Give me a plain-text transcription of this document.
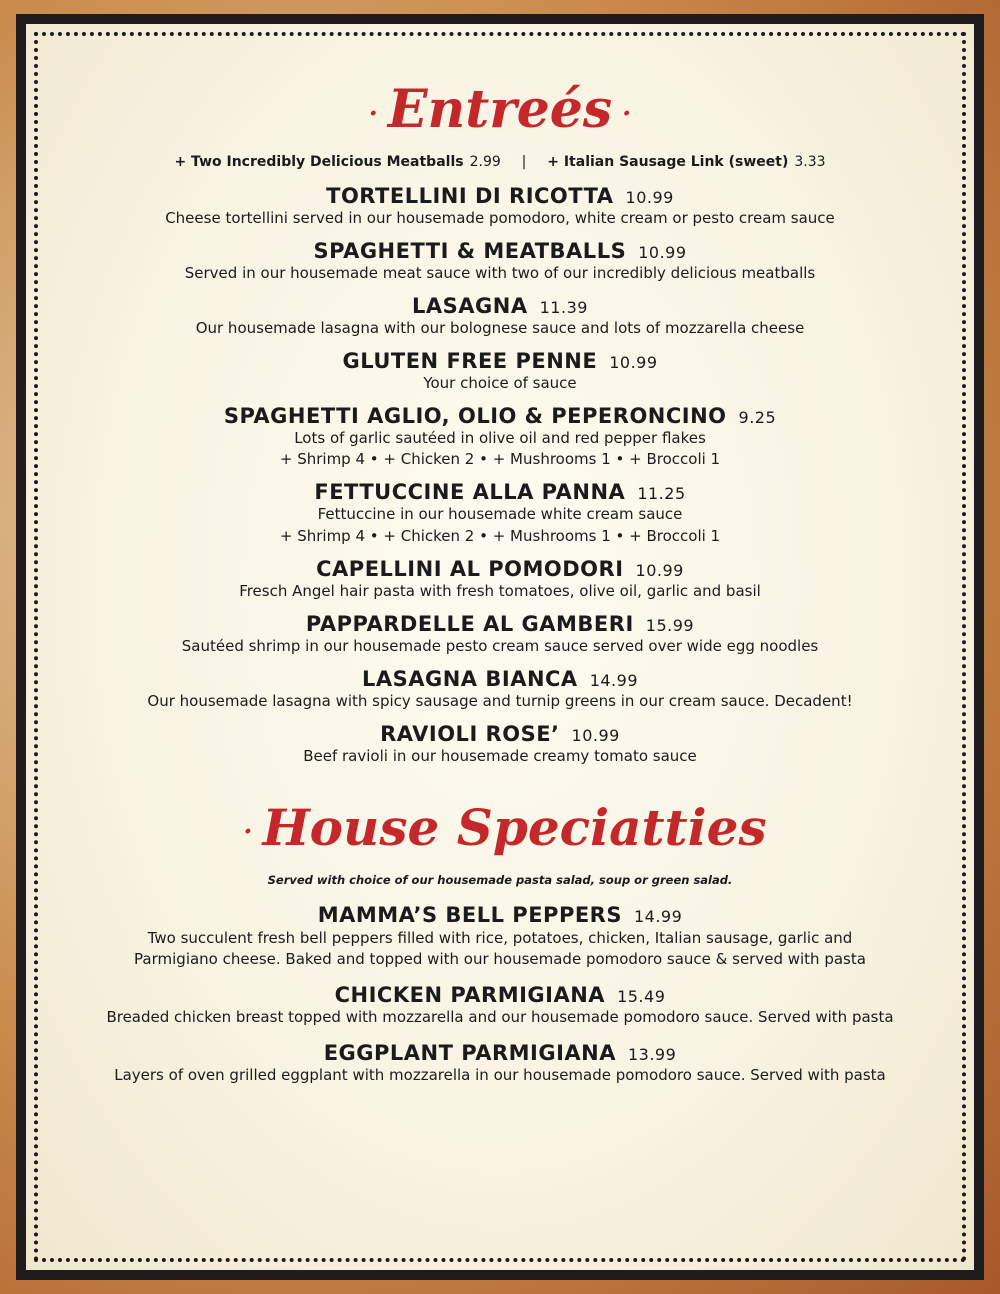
· Entreés ·
+ Two Incredibly Delicious Meatballs 2.99 | + Italian Sausage Link (sweet) 3.33
TORTELLINI DI RICOTTA 10.99
Cheese tortellini served in our housemade pomodoro, white cream or pesto cream sauce
SPAGHETTI & MEATBALLS 10.99
Served in our housemade meat sauce with two of our incredibly delicious meatballs
LASAGNA 11.39
Our housemade lasagna with our bolognese sauce and lots of mozzarella cheese
GLUTEN FREE PENNE 10.99
Your choice of sauce
SPAGHETTI AGLIO, OLIO & PEPERONCINO 9.25
Lots of garlic sautéed in olive oil and red pepper flakes
+ Shrimp 4 • + Chicken 2 • + Mushrooms 1 • + Broccoli 1
FETTUCCINE ALLA PANNA 11.25
Fettuccine in our housemade white cream sauce
+ Shrimp 4 • + Chicken 2 • + Mushrooms 1 • + Broccoli 1
CAPELLINI AL POMODORI 10.99
Fresch Angel hair pasta with fresh tomatoes, olive oil, garlic and basil
PAPPARDELLE AL GAMBERI 15.99
Sautéed shrimp in our housemade pesto cream sauce served over wide egg noodles
LASAGNA BIANCA 14.99
Our housemade lasagna with spicy sausage and turnip greens in our cream sauce. Decadent!
RAVIOLI ROSE’ 10.99
Beef ravioli in our housemade creamy tomato sauce
· House Speciatties
Served with choice of our housemade pasta salad, soup or green salad.
MAMMA’S BELL PEPPERS 14.99
Two succulent fresh bell peppers filled with rice, potatoes, chicken, Italian sausage, garlic and
Parmigiano cheese. Baked and topped with our housemade pomodoro sauce & served with pasta
CHICKEN PARMIGIANA 15.49
Breaded chicken breast topped with mozzarella and our housemade pomodoro sauce. Served with pasta
EGGPLANT PARMIGIANA 13.99
Layers of oven grilled eggplant with mozzarella in our housemade pomodoro sauce. Served with pasta
